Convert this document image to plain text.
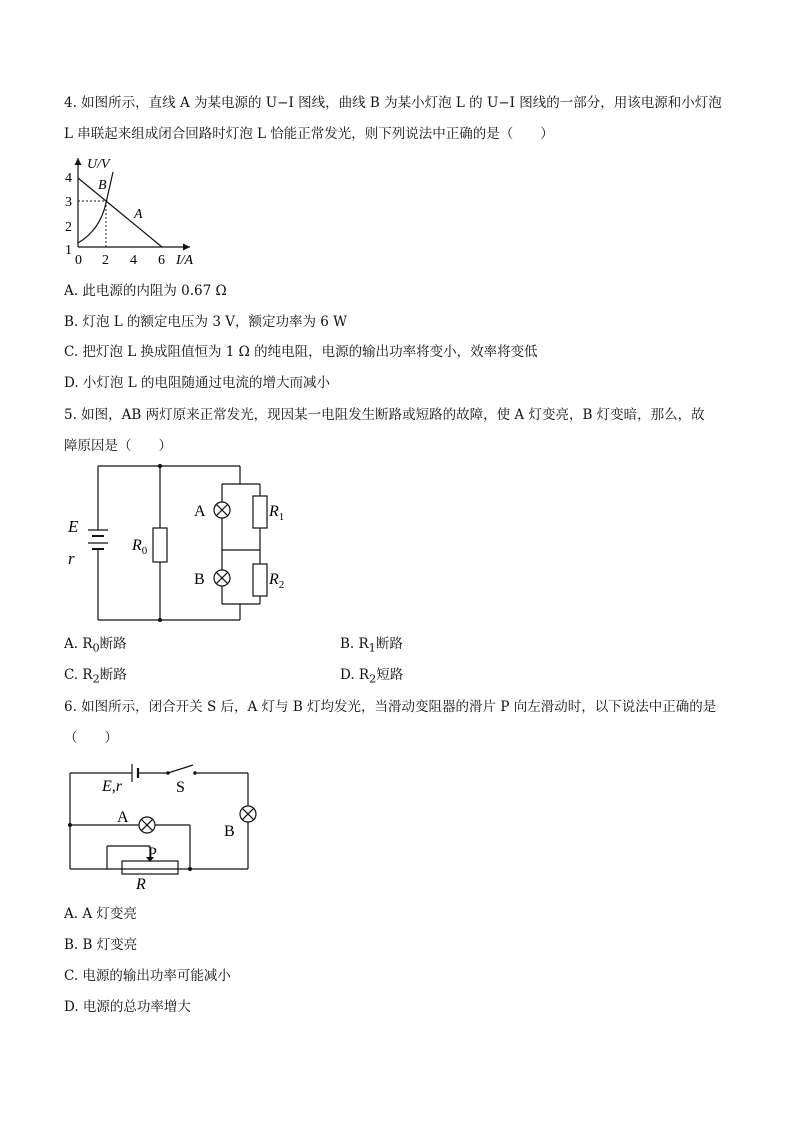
4. 如图所示，直线 A 为某电源的 U−I 图线，曲线 B 为某小灯泡 L 的 U−I 图线的一部分，用该电源和小灯泡
L 串联起来组成闭合回路时灯泡 L 恰能正常发光，则下列说法中正确的是（　　）
U/V
I/A
4
3
2
1
0 2 4 6
B
A
A. 此电源的内阻为 0.67 Ω
B. 灯泡 L 的额定电压为 3 V，额定功率为 6 W
C. 把灯泡 L 换成阻值恒为 1 Ω 的纯电阻，电源的输出功率将变小，效率将变低
D. 小灯泡 L 的电阻随通过电流的增大而减小
5. 如图，AB 两灯原来正常发光，现因某一电阻发生断路或短路的故障，使 A 灯变亮，B 灯变暗，那么，故
障原因是（　　）
E
r
$R_0$
$R_1$
$R_2$
A
B
A. $R_0$断路	B. $R_1$断路
C. $R_2$断路	D. $R_2$短路
6. 如图所示，闭合开关 S 后，A 灯与 B 灯均发光，当滑动变阻器的滑片 P 向左滑动时，以下说法中正确的是
（　　）
E,r	S
A
B
P
R
A. A 灯变亮
B. B 灯变亮
C. 电源的输出功率可能减小
D. 电源的总功率增大
